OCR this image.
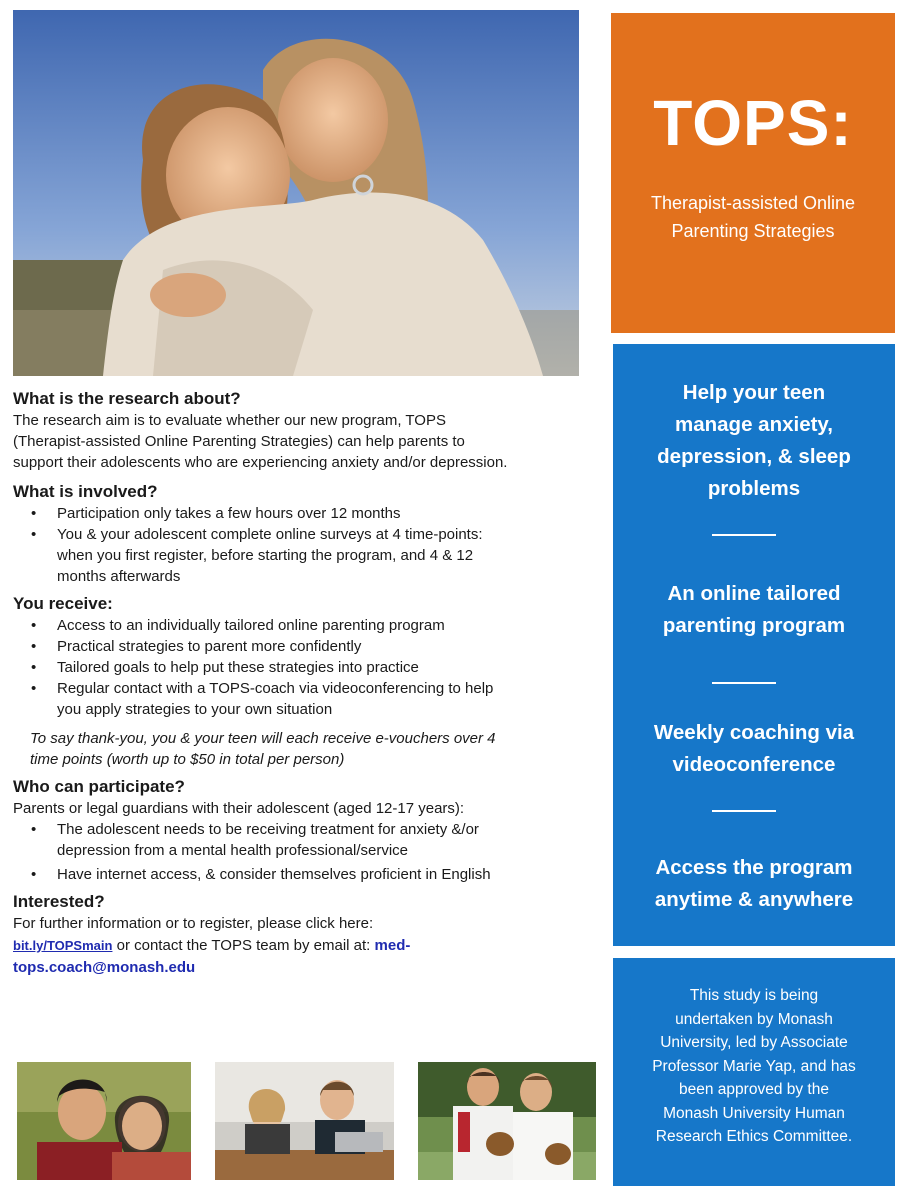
What is the research about?

The research aim is to evaluate whether our new program, TOPS

(Therapist-assisted Online Parenting Strategies) can help parents to

support their adolescents who are experiencing anxiety and/or depression.

What is involved?
• Participation only takes a few hours over 12 months
• You & your adolescent complete online surveys at 4 time-points:
when you first register, before starting the program, and 4 & 12
months afterwards
You receive:
• Access to an individually tailored online parenting program
• Practical strategies to parent more confidently
• Tailored goals to help put these strategies into practice
• Regular contact with a TOPS-coach via videoconferencing to help
you apply strategies to your own situation
To say thank-you, you & your teen will each receive e-vouchers over 4
time points (worth up to $50 in total per person)
Who can participate?

Parents or legal guardians with their adolescent (aged 12-17 years):

• The adolescent needs to be receiving treatment for anxiety &/or
depression from a mental health professional/service
• Have internet access, & consider themselves proficient in English
Interested?

For further information or to register, please click here:

bit.ly/TOPSmain or contact the TOPS team by email at: med-

tops.coach@monash.edu

TOPS:
Therapist-assisted Online
Parenting Strategies
Help your teen
manage anxiety,
depression, & sleep
problems
An online tailored
parenting program
Weekly coaching via
videoconference
Access the program
anytime & anywhere
This study is being
undertaken by Monash
University, led by Associate
Professor Marie Yap, and has
been approved by the
Monash University Human
Research Ethics Committee.
